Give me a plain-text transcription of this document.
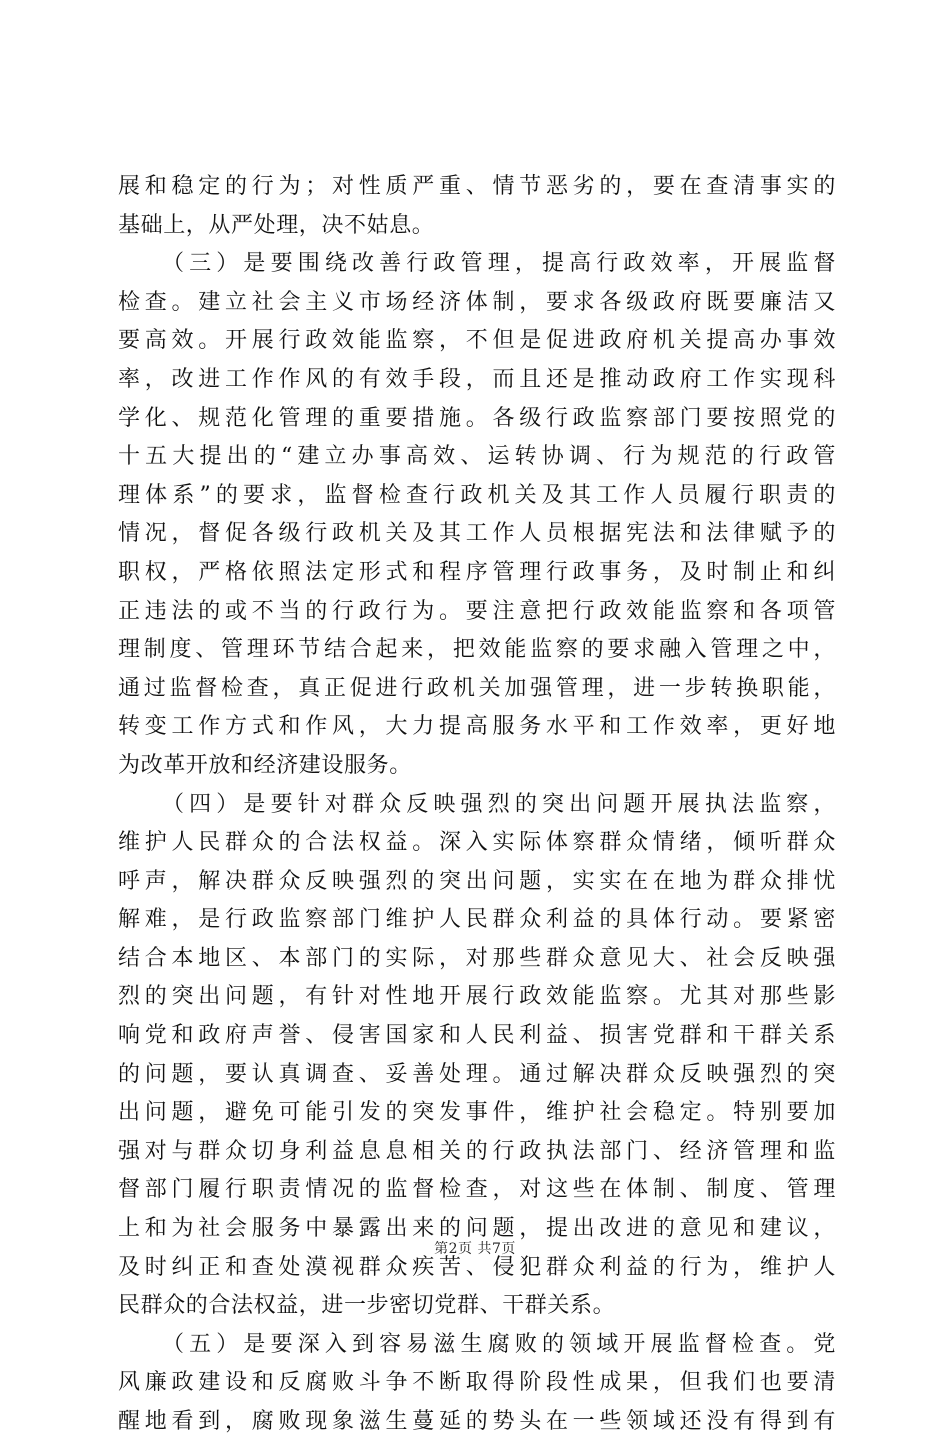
展和稳定的行为；对性质严重、情节恶劣的，要在查清事实的
基础上，从严处理，决不姑息。
（三）是要围绕改善行政管理，提高行政效率，开展监督
检查。建立社会主义市场经济体制，要求各级政府既要廉洁又
要高效。开展行政效能监察，不但是促进政府机关提高办事效
率，改进工作作风的有效手段，而且还是推动政府工作实现科
学化、规范化管理的重要措施。各级行政监察部门要按照党的
十五大提出的“建立办事高效、运转协调、行为规范的行政管
理体系”的要求，监督检查行政机关及其工作人员履行职责的
情况，督促各级行政机关及其工作人员根据宪法和法律赋予的
职权，严格依照法定形式和程序管理行政事务，及时制止和纠
正违法的或不当的行政行为。要注意把行政效能监察和各项管
理制度、管理环节结合起来，把效能监察的要求融入管理之中，
通过监督检查，真正促进行政机关加强管理，进一步转换职能，
转变工作方式和作风，大力提高服务水平和工作效率，更好地
为改革开放和经济建设服务。
（四）是要针对群众反映强烈的突出问题开展执法监察，
维护人民群众的合法权益。深入实际体察群众情绪，倾听群众
呼声，解决群众反映强烈的突出问题，实实在在地为群众排忧
解难，是行政监察部门维护人民群众利益的具体行动。要紧密
结合本地区、本部门的实际，对那些群众意见大、社会反映强
烈的突出问题，有针对性地开展行政效能监察。尤其对那些影
响党和政府声誉、侵害国家和人民利益、损害党群和干群关系
的问题，要认真调查、妥善处理。通过解决群众反映强烈的突
出问题，避免可能引发的突发事件，维护社会稳定。特别要加
强对与群众切身利益息息相关的行政执法部门、经济管理和监
督部门履行职责情况的监督检查，对这些在体制、制度、管理
上和为社会服务中暴露出来的问题，提出改进的意见和建议，
及时纠正和查处漠视群众疾苦、侵犯群众利益的行为，维护人
民群众的合法权益，进一步密切党群、干群关系。
（五）是要深入到容易滋生腐败的领域开展监督检查。党
风廉政建设和反腐败斗争不断取得阶段性成果，但我们也要清
醒地看到，腐败现象滋生蔓延的势头在一些领域还没有得到有
第2页 共7页
